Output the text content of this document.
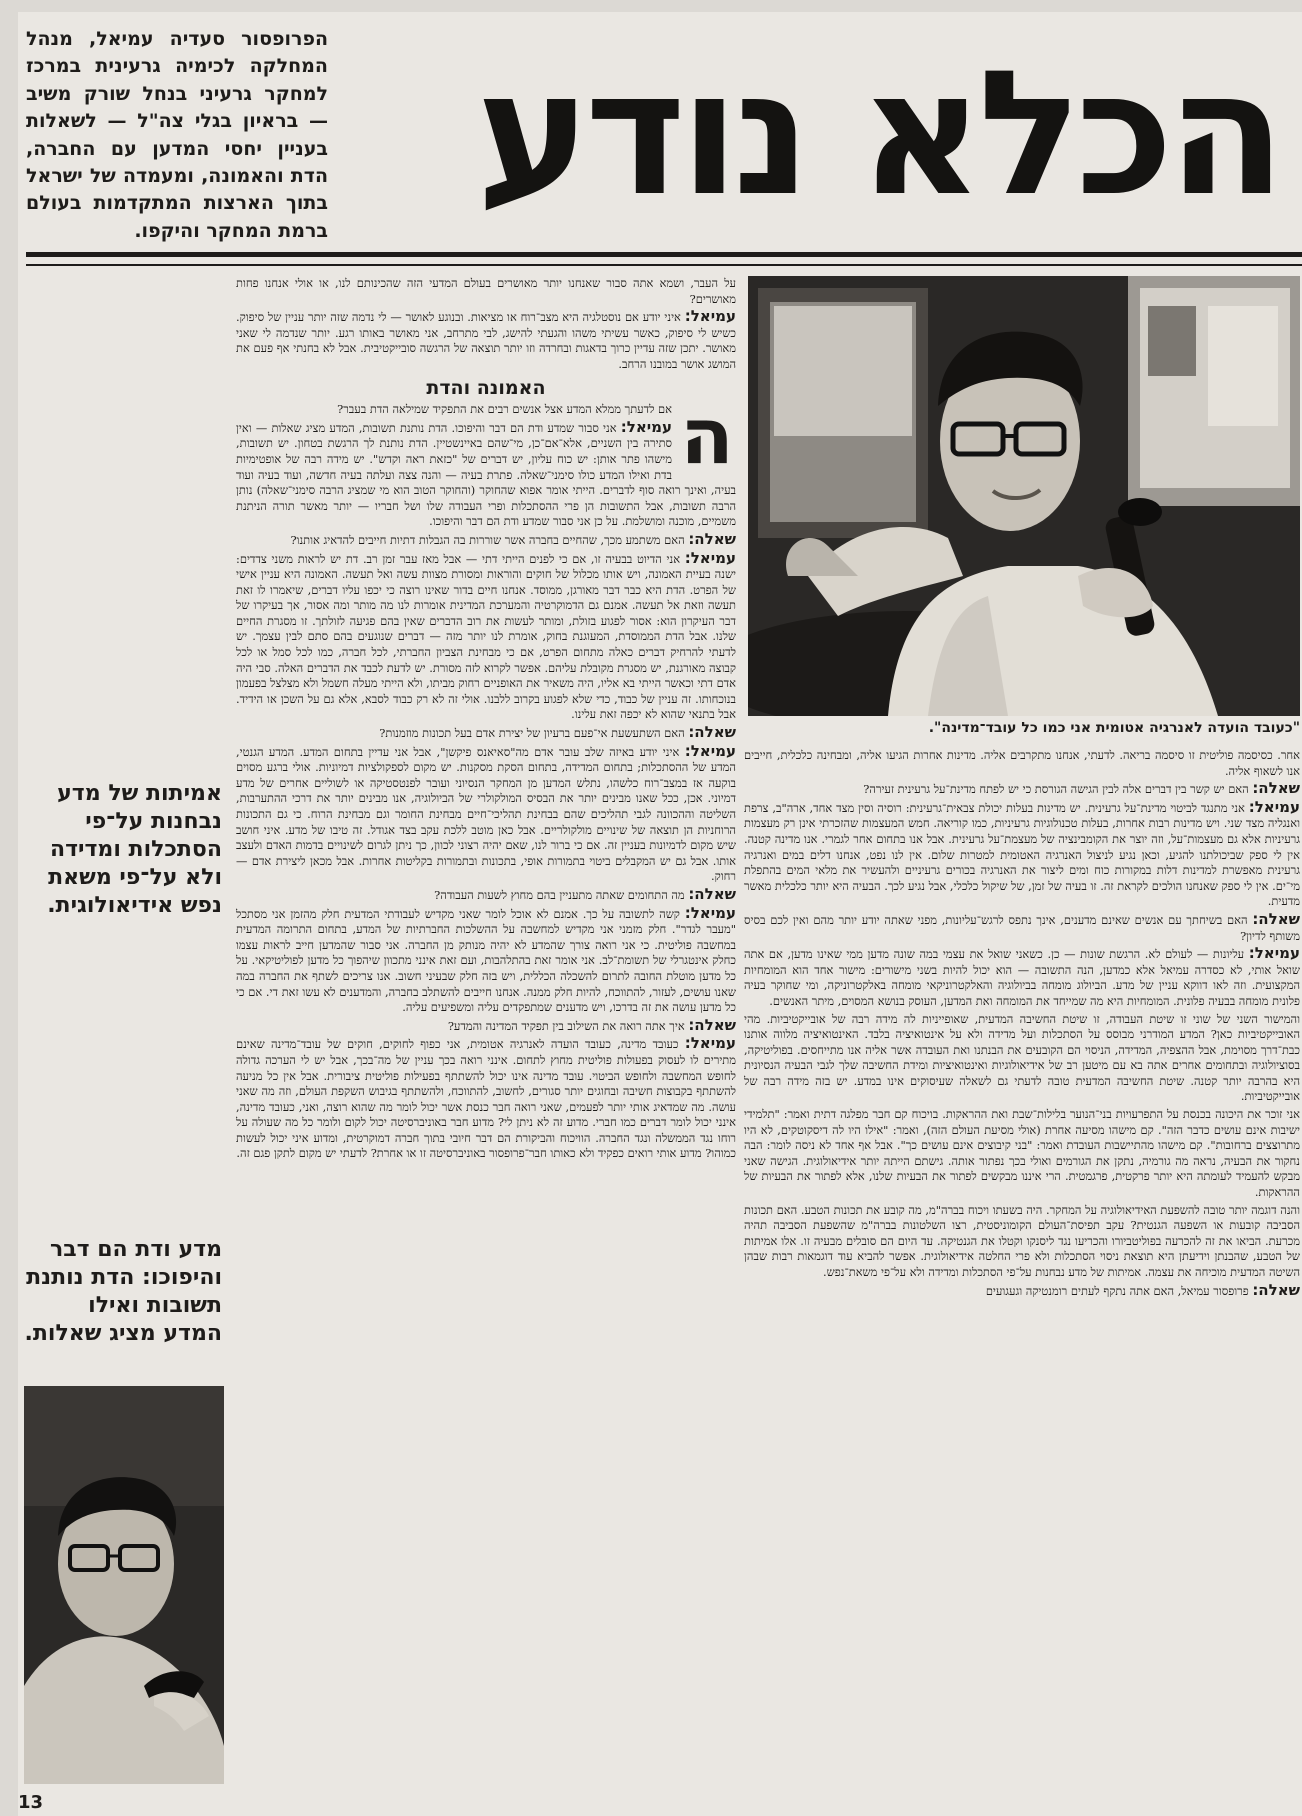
הכלא נודע
הפרופסור סעדיה עמיאל, מנהל המחלקה לכימיה גרעינית במרכז למחקר גרעיני בנחל שורק משיב — בראיון בגלי צה"ל — לשאלות בעניין יחסי המדען עם החברה, הדת והאמונה, ומעמדה של ישראל בתוך הארצות המתקדמות בעולם ברמת המחקר והיקפו.
"כעובד הועדה לאנרגיה אטומית אני כמו כל עובד־מדינה".

אחר. כסיסמה פוליטית זו סיסמה בריאה. לדעתי, אנחנו מתקרבים אליה. מדינות אחרות הגיעו אליה, ומבחינה כלכלית, חייבים אנו לשאוף אליה.

שאלה: האם יש קשר בין דברים אלה לבין הגישה הגורסת כי יש לפתח מדינת־על גרעינית זעירה?

עמיאל: אני מתנגד לביטוי מדינת־על גרעינית. יש מדינות בעלות יכולת צבאית־גרעינית: רוסיה וסין מצד אחד, ארה"ב, צרפת ואנגליה מצד שני. ויש מדינות רבות אחרות, בעלות טכנולוגיות גרעיניות, כמו קוריאה. חמש המעצמות שהזכרתי אינן רק מעצמות גרעיניות אלא גם מעצמות־על, וזה יוצר את הקומבינציה של מעצמת־על גרעינית. אבל אנו בתחום אחר לגמרי. אנו מדינה קטנה. אין לי ספק שביכולתנו להגיע, וכאן נגיע לניצול האנרגיה האטומית למטרות שלום. אין לנו נפט, אנחנו דלים במים ואנרגיה גרעינית מאפשרת למדינות דלות במקורות כוח ומים ליצור את האנרגיה בכורים גרעיניים ולהעשיר את מלאי המים בהתפלת מי־ים. אין לי ספק שאנחנו הולכים לקראת זה. זו בעיה של זמן, של שיקול כלכלי, אבל נגיע לכך. הבעיה היא יותר כלכלית מאשר מדעית.

שאלה: האם בשיחתך עם אנשים שאינם מדענים, אינך נתפס לרגש־עליונות, מפני שאתה יודע יותר מהם ואין לכם בסיס משותף לדיון?

עמיאל: עליונות — לעולם לא. הרגשת שונות — כן. כשאני שואל את עצמי במה שונה מדען ממי שאינו מדען, אם אתה שואל אותי, לא כסדרה עמיאל אלא כמדען, הנה התשובה — הוא יכול להיות בשני מישורים: מישור אחד הוא המומחיות המקצועית. וזה לאו דווקא עניין של מדע. הביולוג מומחה בביולוגיה והאלקטרוניקאי מומחה באלקטרוניקה, ומי שחוקר בעיה פלונית מומחה בבעיה פלונית. המומחיות היא מה שמייחד את המומחה ואת המדען, העוסק בנושא המסוים, מיתר האנשים.

והמישור השני של שוני זו שיטת העבודה, זו שיטת החשיבה המדעית, שאופייניות לה מידה רבה של אובייקטיביות. מהי האובייקטיביות כאן? המדע המודרני מבוסס על הסתכלות ועל מדידה ולא על אינטואיציה בלבד. האינטואיציה מלווה אותנו כבת־דרך מסוימת, אבל ההצפיה, המדידה, הניסוי הם הקובעים את הבנתנו ואת העובדה אשר אליה אנו מתייחסים. בפוליטיקה, בסוציולוגיה ובתחומים אחרים אתה בא עם מיטען רב של אידיאולוגיות ואינטואיציות ומידת החשיבה שלך לגבי הבעיה הנסיונית היא בהרבה יותר קטנה. שיטת החשיבה המדעית טובה לדעתי גם לשאלה שעיסוקים אינו במדע. יש בזה מידה רבה של אובייקטיביות.

אני זוכר את היכונה בכנסת על התפרעויות בני־הנוער בלילות־שבת ואת ההראקות. בויכוח קם חבר מפלגה דתית ואמר: "תלמידי ישיבות אינם עושים כדבר הזה". קם מישהו מסיעה אחרת (אולי מסיעת העולם הזה), ואמר: "אילו היו לה דיסקוטקים, לא היו מתרוצצים ברחובות". קם מישהו מהתיישבות העובדת ואמר: "בני קיבוצים אינם עושים כך". אבל אף אחד לא ניסה לומר: הבה נחקור את הבעיה, נראה מה גורמיה, נתקן את הגורמים ואולי בכך נפתור אותה. גישתם הייתה יותר אידיאולוגית. הגישה שאני מבקש להעמיד לעומתה היא יותר פרקטית, פרגמטית. הרי איננו מבקשים לפתור את הבעיות שלנו, אלא לפתור את הבעיות של ההראקות.

והנה דוגמה יותר טובה להשפעת האידיאולוגיה על המחקר. היה בשעתו ויכוח בברה"מ, מה קובע את תכונות הטבע. האם תכונות הסביבה קובעות או השפעה הגנטית? עקב תפיסת־העולם הקומוניסטית, רצו השלטונות בברה"מ שהשפעת הסביבה תהיה מכרעת. הביאו את זה להכרעה בפוליטביורו והכריעו נגד ליסנקו וקטלו את הגנטיקה. עד היום הם סובלים מבעיה זו. אלו אמיתות של הטבע, שהבנתן וידיעתן היא תוצאת ניסוי הסתכלות ולא פרי החלטה אידיאולוגית. אפשר להביא עוד דוגמאות רבות שבהן השיטה המדעית מוכיחה את עצמה. אמיתות של מדע נבחנות על־פי הסתכלות ומדידה ולא על־פי משאת־נפש.

שאלה: פרופסור עמיאל, האם אתה נתקף לעתים רומנטיקה וגעגועים

על העבר, ושמא אתה סבור שאנחנו יותר מאושרים בעולם המדעי הזה שהכינותם לנו, או אולי אנחנו פחות מאושרים?

עמיאל: איני יודע אם נוסטלגיה היא מצב־רוח או מציאות. ובנוגע לאושר — לי נדמה שזה יותר עניין של סיפוק. כשיש לי סיפוק, כאשר עשיתי משהו והגעתי להישג, לבי מתרחב, אני מאושר באותו רגע. יותר שנדמה לי שאני מאושר. יתכן שזה עדיין כרוך בדאגות ובחרדה וזו יותר תוצאה של הרגשה סובייקטיבית. אבל לא בחנתי אף פעם את המושג אושר במובנו הרחב.

האמונה והדת
ה

אם לדעתך ממלא המדע אצל אנשים רבים את התפקיד שמילאה הדת בעבר?

עמיאל: אני סבור שמדע ודת הם דבר והיפוכו. הדת נותנת תשובות, המדע מציג שאלות — ואין סתירה בין השניים, אלא־אם־כן, מי־שהם באיינשטיין. הדת נותנת לך הרגשת בטחון. יש תשובות, מישהו פתר אותן: יש כוח עליון, יש דברים של "כזאת ראה וקדש". יש מידה רבה של אופטימיות בדת ואילו המדע כולו סימני־שאלה. פתרת בעיה — והנה צצה ועלתה בעיה חדשה, ועוד בעיה ועוד בעיה, ואינך רואה סוף לדברים. הייתי אומר אפוא שהחוקר (והחוקר הטוב הוא מי שמציג הרבה סימני־שאלה) נותן הרבה תשובות, אבל התשובות הן פרי ההסתכלות ופרי העבודה שלו ושל חבריו — יותר מאשר תורה הניתנת משמיים, מוכנה ומושלמת. על כן אני סבור שמדע ודת הם דבר והיפוכו.

שאלה: האם משתמע מכך, שהחיים בחברה אשר שוררות בה הגבלות דתיות חייבים להדאיג אותנו?

עמיאל: אני הדיוט בבעיה זו, אם כי לפנים הייתי דתי — אבל מאז עבר זמן רב. דת יש לראות משני צדדים: ישנה בעיית האמונה, ויש אותו מכלול של חוקים והוראות ומסורת מצוות עשה ואל תעשה. האמונה היא עניין אישי של הפרט. הדת היא כבר דבר מאורגן, ממוסד. אנחנו חיים בדור שאינו רוצה כי יכפו עליו דברים, שיאמרו לו זאת תעשה וזאת אל תעשה. אמנם גם הדמוקרטיה והמערכת המדינית אומרות לנו מה מותר ומה אסור, אך בעיקרו של דבר העיקרון הוא: אסור לפגוע בזולת, ומותר לעשות את רוב הדברים שאין בהם פגיעה לזולתך. זו מסגרת החיים שלנו. אבל הדת הממוסדת, המעוגנת בחוק, אומרת לנו יותר מזה — דברים שנוגעים בהם סתם לבין עצמך. יש לדעתי להרחיק דברים כאלה מתחום הפרט, אם כי מבחינת הצביון החברתי, לכל חברה, כמו לכל סמל או לכל קבוצה מאורגנת, יש מסגרת מקובלת עליהם. אפשר לקרוא לזה מסורת. יש לדעת לכבד את הדברים האלה. סבי היה אדם דתי וכאשר הייתי בא אליו, היה משאיר את האופניים רחוק מביתו, ולא הייתי מעלה חשמל ולא מצלצל בפעמון בנוכחותו. זה עניין של כבוד, כדי שלא לפגוע בקרוב ללבנו. אולי זה לא רק כבוד לסבא, אלא גם על השכן או הידיד. אבל בתנאי שהוא לא יכפה זאת עלינו.

שאלה: האם השתעשעת אי־פעם ברעיון של יצירת אדם בעל תכונות מוזמנות?

עמיאל: איני יודע באיזה שלב עובר אדם מה"סאיאנס פיקשן", אבל אני עדיין בתחום המדע. המדע הגנטי, המדע של ההסתכלות; בתחום המדידה, בתחום הסקת מסקנות. יש מקום לספקולציות דמיוניות. אולי ברגע מסוים בוקעה אז במצב־רוח כלשהו, נתלש המדען מן המחקר הנסיוני ועובר לפנטסטיקה או לשוליים אחרים של מדע דמיוני. אכן, ככל שאנו מבינים יותר את הבסיס המולקולרי של הביולוגיה, אנו מבינים יותר את דרכי ההתערבות, השליטה וההכוונה לגבי תהליכים שהם בבחינת תהליכי־חיים מבחינת החומר וגם מבחינת הרוח. כי גם התכונות הרוחניות הן תוצאה של שינויים מולקולריים. אבל כאן מוטב ללכת עקב בצד אגודל. זה טיבו של מדע. איני חושב שיש מקום לדמיונות בעניין זה. אם כי ברור לנו, שאם יהיה רצוני לכוון, כך ניתן לגרום לשינויים בדמות האדם ולעצב אותו. אבל גם יש המקבלים ביטוי בתמורות אופי, בתכונות ובתמורות בקליטות אחרות. אבל מכאן ליצירת אדם — רחוק.

שאלה: מה התחומים שאתה מתעניין בהם מחוץ לשעות העבודה?

עמיאל: קשה לתשובה על כך. אמנם לא אוכל לומר שאני מקדיש לעבודתי המדעית חלק מהזמן אני מסתכל "מעבר לגדר". חלק מזמני אני מקדיש למחשבה על ההשלכות החברתיות של המדע, בתחום התרומה המדעית במחשבה פוליטית. כי אני רואה צורך שהמדע לא יהיה מנותק מן החברה. אני סבור שהמדען חייב לראות עצמו כחלק אינטגרלי של תשומת־לב. אני אומר זאת בהתלהבות, ועם זאת אינני מתכוון שיהפוך כל מדען לפוליטיקאי. על כל מדען מוטלת החובה לתרום להשכלה הכללית, ויש בזה חלק שבעיני חשוב. אנו צריכים לשתף את החברה במה שאנו עושים, לעזור, להתווכח, להיות חלק ממנה. אנחנו חייבים להשתלב בחברה, והמדענים לא עשו זאת די. אם כי כל מדען עושה את זה בדרכו, ויש מדענים שמתפקדים עליה ומשפיעים עליה.

שאלה: איך אתה רואה את השילוב בין תפקיד המדינה והמדע?

עמיאל: כעובד מדינה, כעובד הועדה לאנרגיה אטומית, אני כפוף לחוקים, חוקים של עובד־מדינה שאינם מתירים לו לעסוק בפעולות פוליטית מחוץ לתחום. אינני רואה בכך עניין של מה־בכך, אבל יש לי הערכה גדולה לחופש המחשבה ולחופש הביטוי. עובד מדינה אינו יכול להשתתף בפעילות פוליטית ציבורית. אבל אין כל מניעה להשתתף בקבוצות חשיבה ובחוגים יותר סגורים, לחשוב, להתווכח, ולהשתתף בגיבוש השקפת העולם, וזה מה שאני עושה. מה שמדאיג אותי יותר לפעמים, שאני רואה חבר כנסת אשר יכול לומר מה שהוא רוצה, ואני, כעובד מדינה, אינני יכול לומר דברים כמו חברי. מדוע זה לא ניתן לי? מדוע חבר באוניברסיטה יכול לקום ולומר כל מה שעולה על רוחו נגד הממשלה ונגד החברה. הוויכוח והביקורת הם דבר חיובי בתוך חברה דמוקרטית, ומדוע איני יכול לעשות כמוהו? מדוע אותי רואים כפקיד ולא כאותו חבר־פרופסור באוניברסיטה זו או אחרת? לדעתי יש מקום לתקן פגם זה.

אמיתות של מדע נבחנות על־פי הסתכלות ומדידה ולא על־פי משאת נפש אידיאולוגית.
מדע ודת הם דבר והיפוכו: הדת נותנת תשובות ואילו המדע מציג שאלות.
13
